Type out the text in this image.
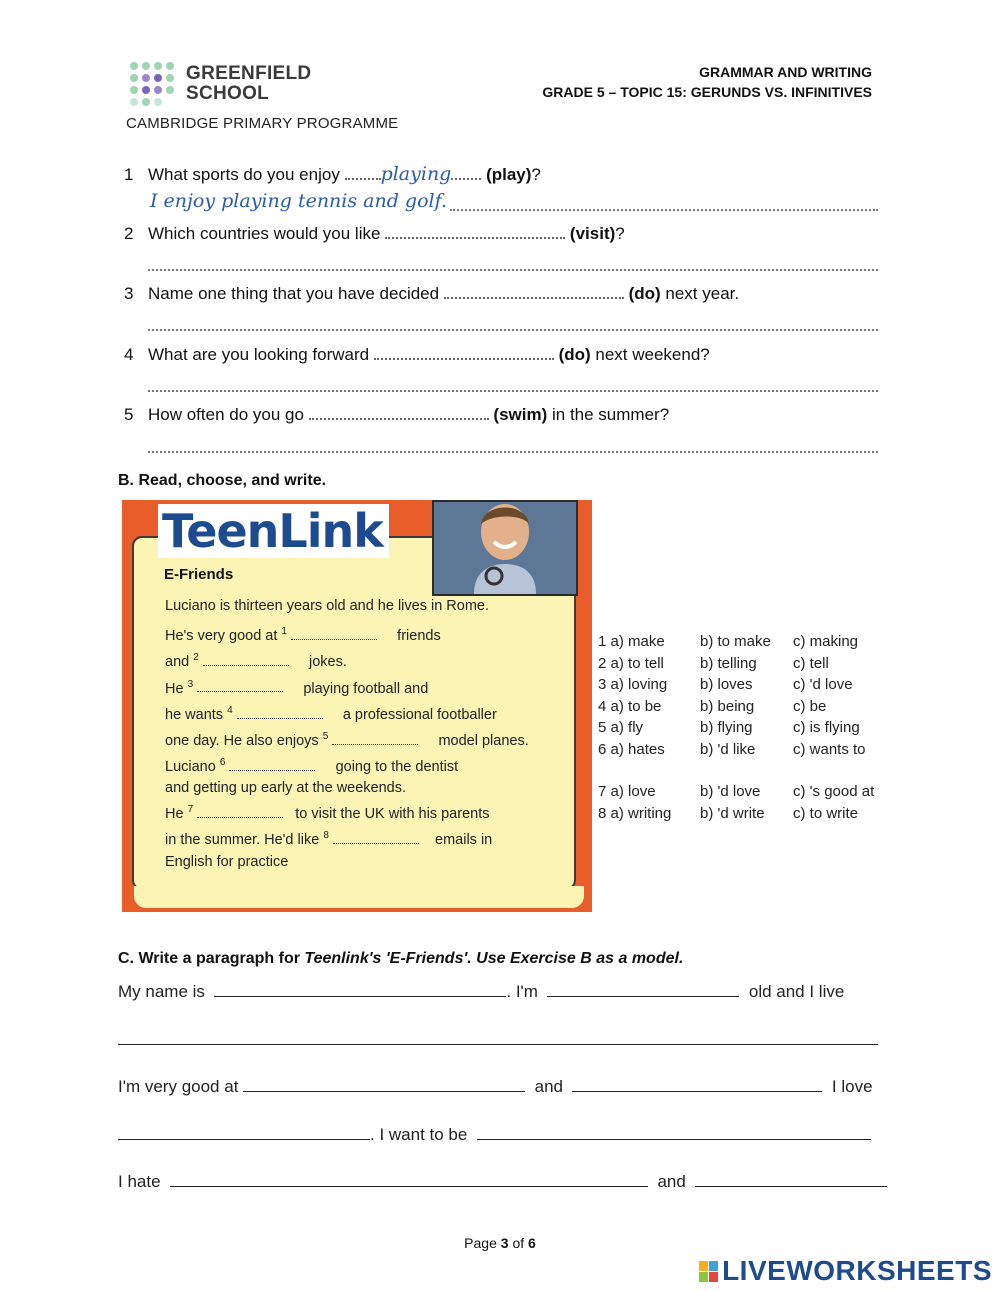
GREENFIELD
SCHOOL
CAMBRIDGE PRIMARY PROGRAMME
GRAMMAR AND WRITING
GRADE 5 – TOPIC 15: GERUNDS VS. INFINITIVES
1 What sports do you enjoy playing (play)?
I enjoy playing tennis and golf.
2 Which countries would you like	(visit)?
3 Name one thing that you have decided	(do) next year.
4 What are you looking forward	(do) next weekend?
5 How often do you go	(swim) in the summer?
B. Read, choose, and write.
TeenLink
E-Friends
Luciano is thirteen years old and he lives in Rome.
He's very good at $^1$	friends
and $^2$	jokes.
He $^3$	playing football and
he wants $^4$	a professional footballer
one day. He also enjoys $^5$	model planes.
Luciano $^6$	going to the dentist
and getting up early at the weekends.
He $^7$	to visit the UK with his parents
in the summer. He'd like $^8$	emails in
English for practice
1 a) make	b) to make	c) making
2 a) to tell	b) telling	c) tell
3 a) loving	b) loves	c) 'd love
4 a) to be	b) being	c) be
5 a) fly	b) flying	c) is flying
6 a) hates	b) 'd like	c) wants to
7 a) love	b) 'd love	c) 's good at
8 a) writing	b) 'd write	c) to write
C. Write a paragraph for Teenlink's 'E-Friends'. Use Exercise B as a model.
My name is	. I'm	old and I live
I'm very good at	and	I love
. I want to be
I hate	and
Page 3 of 6
LIVEWORKSHEETS
